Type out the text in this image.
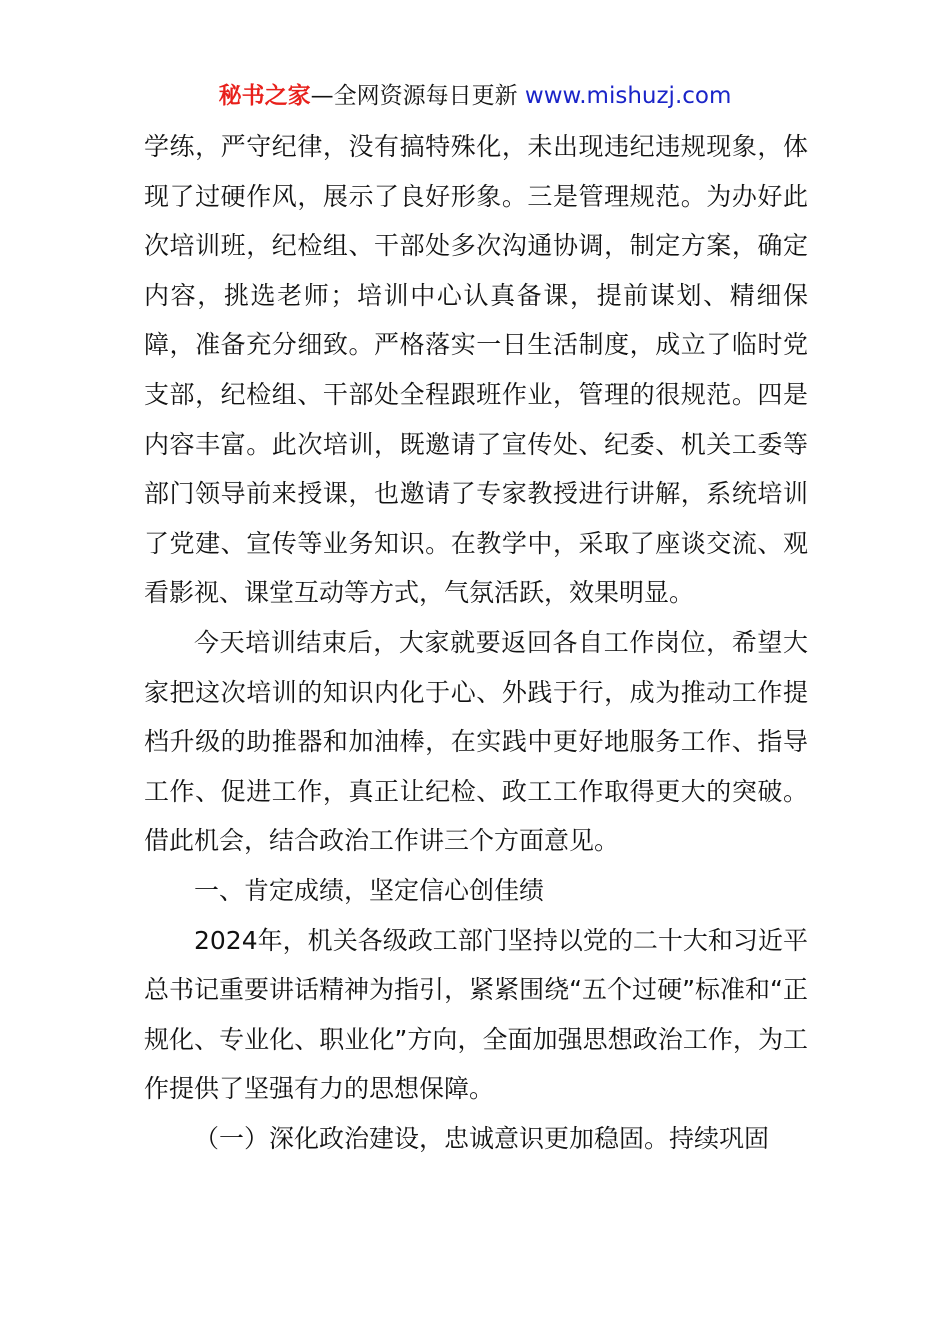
秘书之家—全网资源每日更新 www.mishuzj.com

学练，严守纪律，没有搞特殊化，未出现违纪违规现象，体现了过硬作风，展示了良好形象。三是管理规范。为办好此次培训班，纪检组、干部处多次沟通协调，制定方案，确定内容，挑选老师；培训中心认真备课，提前谋划、精细保障，准备充分细致。严格落实一日生活制度，成立了临时党支部，纪检组、干部处全程跟班作业，管理的很规范。四是内容丰富。此次培训，既邀请了宣传处、纪委、机关工委等部门领导前来授课，也邀请了专家教授进行讲解，系统培训了党建、宣传等业务知识。在教学中，采取了座谈交流、观看影视、课堂互动等方式，气氛活跃，效果明显。

今天培训结束后，大家就要返回各自工作岗位，希望大家把这次培训的知识内化于心、外践于行，成为推动工作提档升级的助推器和加油棒，在实践中更好地服务工作、指导工作、促进工作，真正让纪检、政工工作取得更大的突破。借此机会，结合政治工作讲三个方面意见。

一、肯定成绩，坚定信心创佳绩

2024年，机关各级政工部门坚持以党的二十大和习近平总书记重要讲话精神为指引，紧紧围绕“五个过硬”标准和“正规化、专业化、职业化”方向，全面加强思想政治工作，为工作提供了坚强有力的思想保障。

（一）深化政治建设，忠诚意识更加稳固。持续巩固
